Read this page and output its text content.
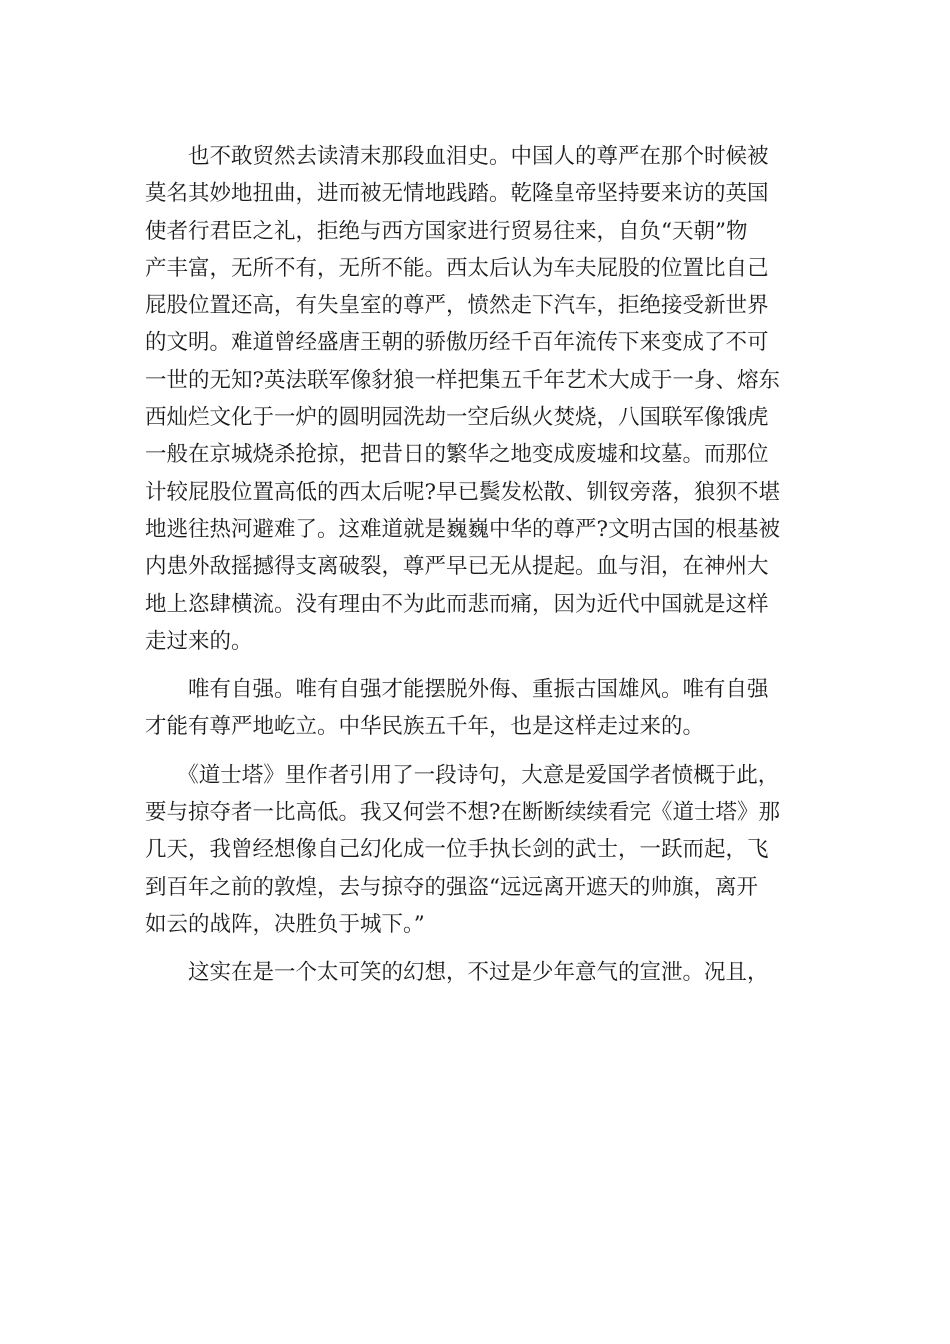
　　也不敢贸然去读清末那段血泪史。中国人的尊严在那个时候被
莫名其妙地扭曲，进而被无情地践踏。乾隆皇帝坚持要来访的英国
使者行君臣之礼，拒绝与西方国家进行贸易往来，自负“天朝”物
产丰富，无所不有，无所不能。西太后认为车夫屁股的位置比自己
屁股位置还高，有失皇室的尊严，愤然走下汽车，拒绝接受新世界
的文明。难道曾经盛唐王朝的骄傲历经千百年流传下来变成了不可
一世的无知?英法联军像豺狼一样把集五千年艺术大成于一身、熔东
西灿烂文化于一炉的圆明园洗劫一空后纵火焚烧，八国联军像饿虎
一般在京城烧杀抢掠，把昔日的繁华之地变成废墟和坟墓。而那位
计较屁股位置高低的西太后呢?早已鬓发松散、钏钗旁落，狼狈不堪
地逃往热河避难了。这难道就是巍巍中华的尊严?文明古国的根基被
内患外敌摇撼得支离破裂，尊严早已无从提起。血与泪，在神州大
地上恣肆横流。没有理由不为此而悲而痛，因为近代中国就是这样
走过来的。
　　唯有自强。唯有自强才能摆脱外侮、重振古国雄风。唯有自强
才能有尊严地屹立。中华民族五千年，也是这样走过来的。
　　《道士塔》里作者引用了一段诗句，大意是爱国学者愤概于此，
要与掠夺者一比高低。我又何尝不想?在断断续续看完《道士塔》那
几天，我曾经想像自己幻化成一位手执长剑的武士，一跃而起，飞
到百年之前的敦煌，去与掠夺的强盗“远远离开遮天的帅旗，离开
如云的战阵，决胜负于城下。”
　　这实在是一个太可笑的幻想，不过是少年意气的宣泄。况且，
